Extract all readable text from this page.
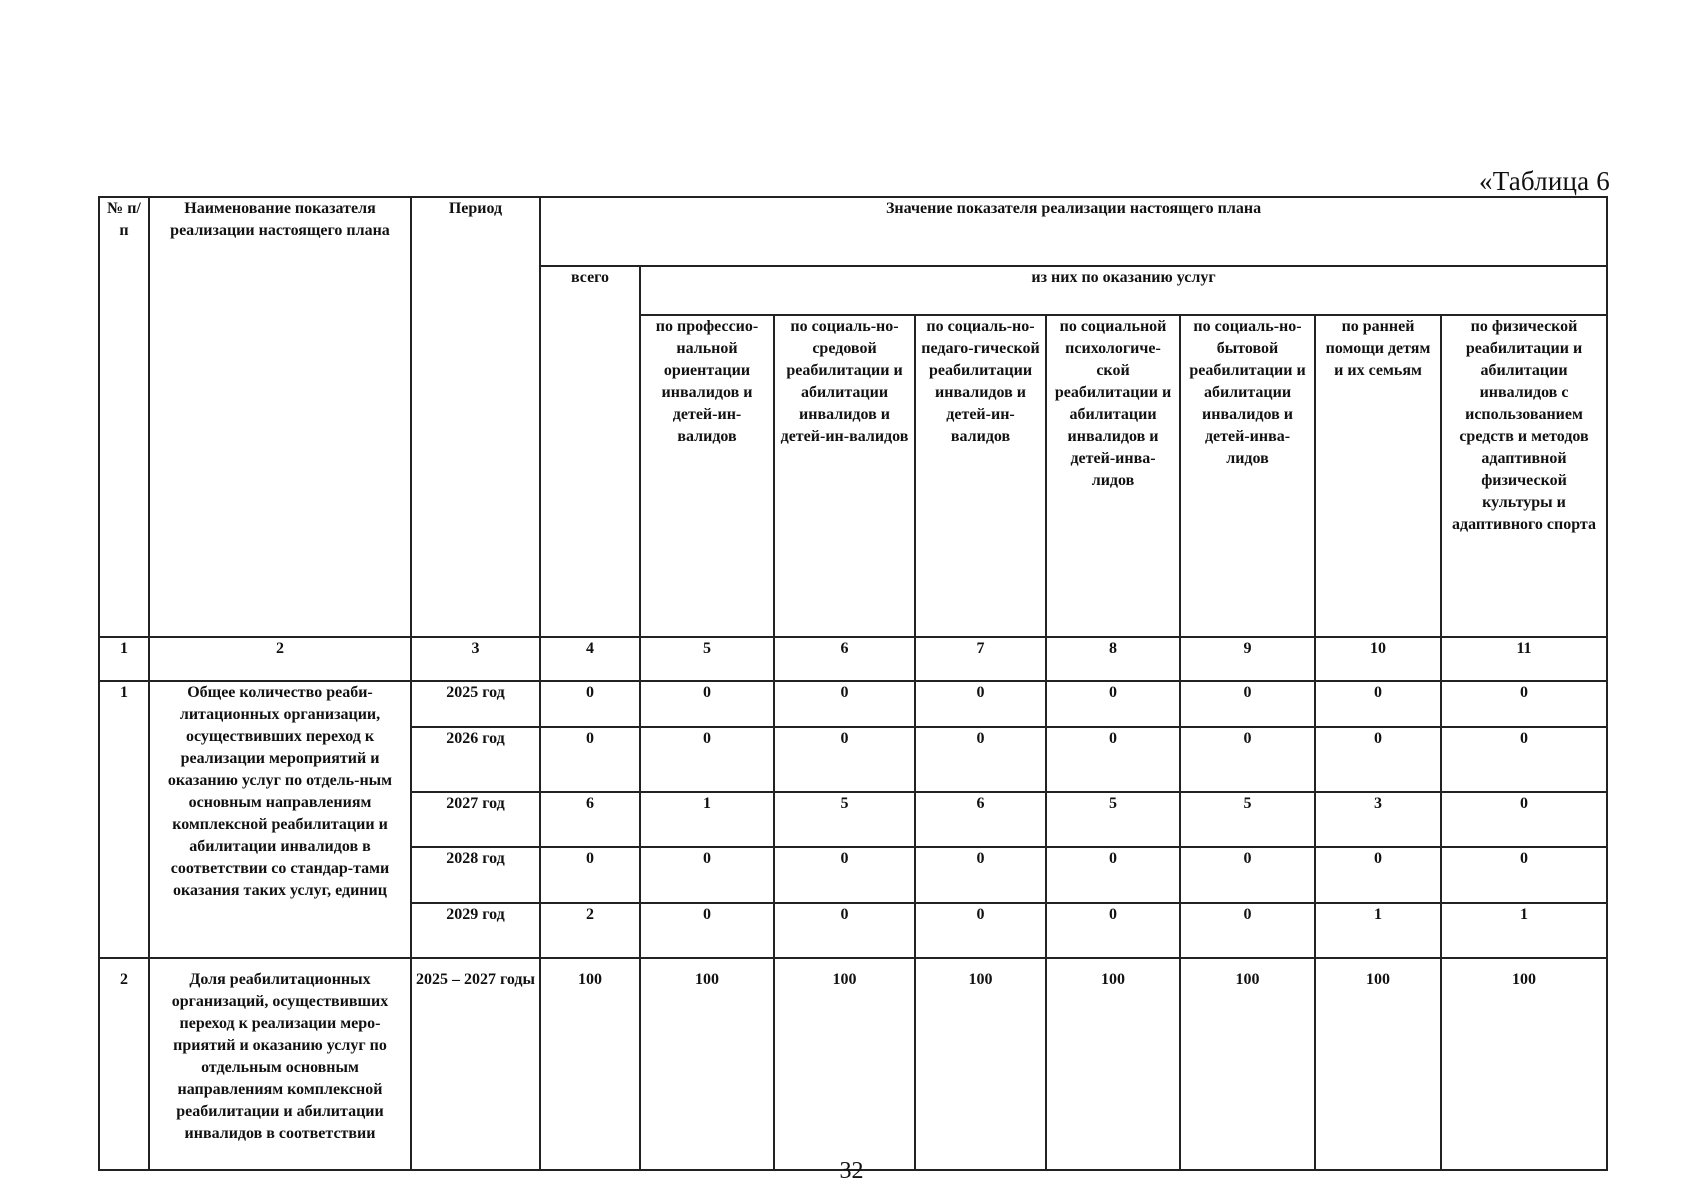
«Таблица 6
№ п/п	Наименование показателя реализации настоящего плана	Период	Значение показателя реализации настоящего плана							
			всего	из них по оказанию услуг						
				по профессио-нальной ориентации инвалидов и детей-ин-валидов	по социаль-но-средовой реабилитации и абилитации инвалидов и детей-ин-валидов	по социаль-но-педаго-гической реабилитации инвалидов и детей-ин-валидов	по социальной психологиче-ской реабилитации и абилитации инвалидов и детей-инва-лидов	по социаль-но-бытовой реабилитации и абилитации инвалидов и детей-инва-лидов	по ранней помощи детям и их семьям	по физической реабилитации и абилитации инвалидов с использованием средств и методов адаптивной физической культуры и адаптивного спорта
1	2	3	4	5	6	7	8	9	10	11
1	Общее количество реаби-литационных организации, осуществивших переход к реализации мероприятий и оказанию услуг по отдель-ным основным направлениям комплексной реабилитации и абилитации инвалидов в соответствии со стандар-тами оказания таких услуг, единиц	2025 год	0	0	0	0	0	0	0	0
		2026 год	0	0	0	0	0	0	0	0
		2027 год	6	1	5	6	5	5	3	0
		2028 год	0	0	0	0	0	0	0	0
		2029 год	2	0	0	0	0	0	1	1
2	Доля реабилитационных организаций, осуществивших переход к реализации меро-приятий и оказанию услуг по отдельным основным направлениям комплексной реабилитации и абилитации инвалидов в соответствии	2025 – 2027 годы	100	100	100	100	100	100	100	100
32
